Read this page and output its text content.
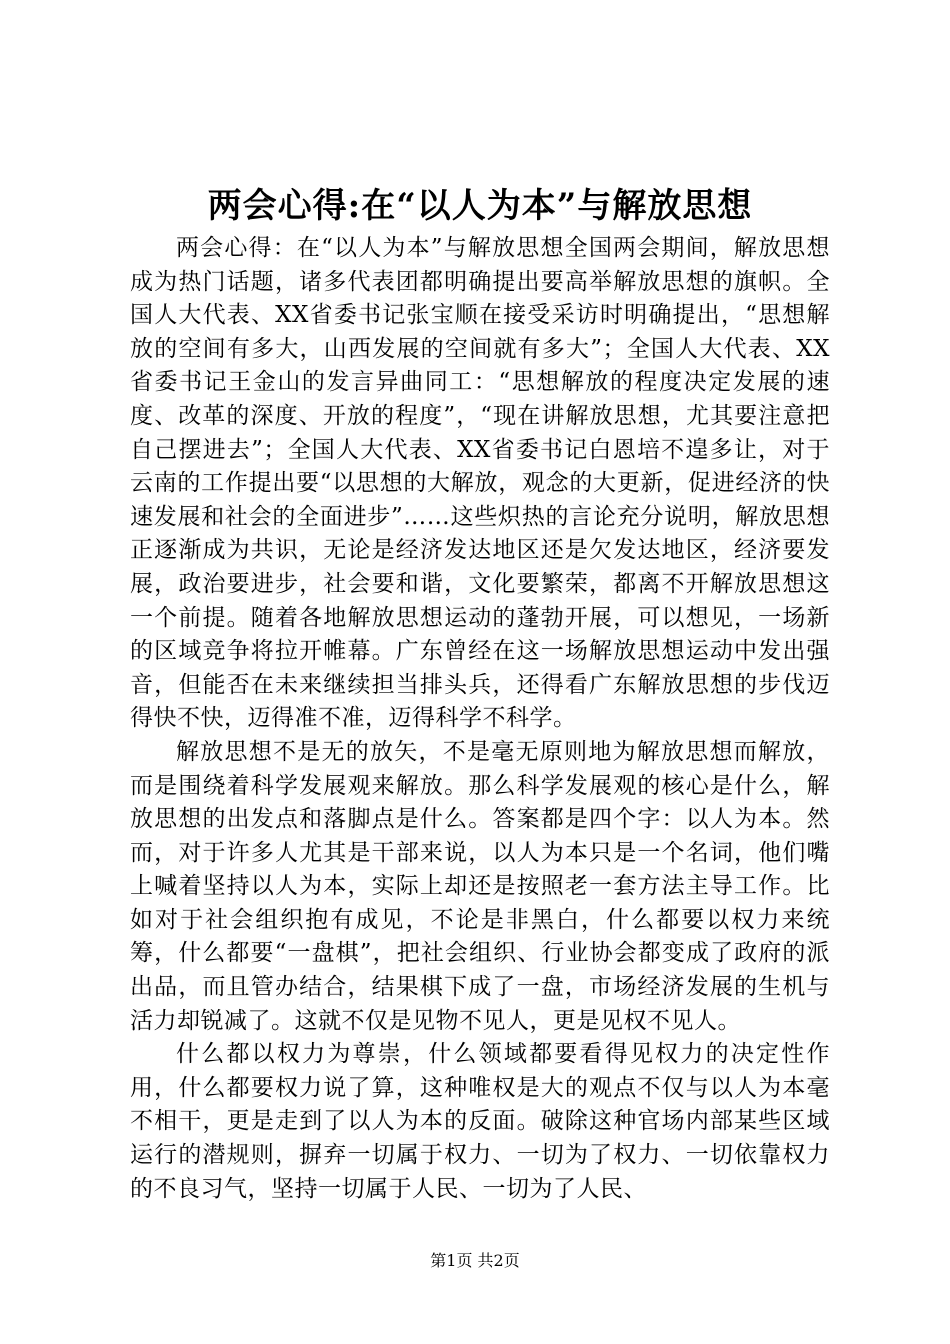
两会心得:在“以人为本”与解放思想

两会心得：在“以人为本”与解放思想全国两会期间，解放思想成为热门话题，诸多代表团都明确提出要高举解放思想的旗帜。全国人大代表、XX省委书记张宝顺在接受采访时明确提出，“思想解放的空间有多大，山西发展的空间就有多大”；全国人大代表、XX省委书记王金山的发言异曲同工：“思想解放的程度决定发展的速度、改革的深度、开放的程度”，“现在讲解放思想，尤其要注意把自己摆进去”；全国人大代表、XX省委书记白恩培不遑多让，对于云南的工作提出要“以思想的大解放，观念的大更新，促进经济的快速发展和社会的全面进步”……这些炽热的言论充分说明，解放思想正逐渐成为共识，无论是经济发达地区还是欠发达地区，经济要发展，政治要进步，社会要和谐，文化要繁荣，都离不开解放思想这一个前提。随着各地解放思想运动的蓬勃开展，可以想见，一场新的区域竞争将拉开帷幕。广东曾经在这一场解放思想运动中发出强音，但能否在未来继续担当排头兵，还得看广东解放思想的步伐迈得快不快，迈得准不准，迈得科学不科学。

解放思想不是无的放矢，不是毫无原则地为解放思想而解放，而是围绕着科学发展观来解放。那么科学发展观的核心是什么，解放思想的出发点和落脚点是什么。答案都是四个字：以人为本。然而，对于许多人尤其是干部来说，以人为本只是一个名词，他们嘴上喊着坚持以人为本，实际上却还是按照老一套方法主导工作。比如对于社会组织抱有成见，不论是非黑白，什么都要以权力来统筹，什么都要“一盘棋”，把社会组织、行业协会都变成了政府的派出品，而且管办结合，结果棋下成了一盘，市场经济发展的生机与活力却锐减了。这就不仅是见物不见人，更是见权不见人。

什么都以权力为尊崇，什么领域都要看得见权力的决定性作用，什么都要权力说了算，这种唯权是大的观点不仅与以人为本毫不相干，更是走到了以人为本的反面。破除这种官场内部某些区域运行的潜规则，摒弃一切属于权力、一切为了权力、一切依靠权力的不良习气，坚持一切属于人民、一切为了人民、

第1页 共2页
